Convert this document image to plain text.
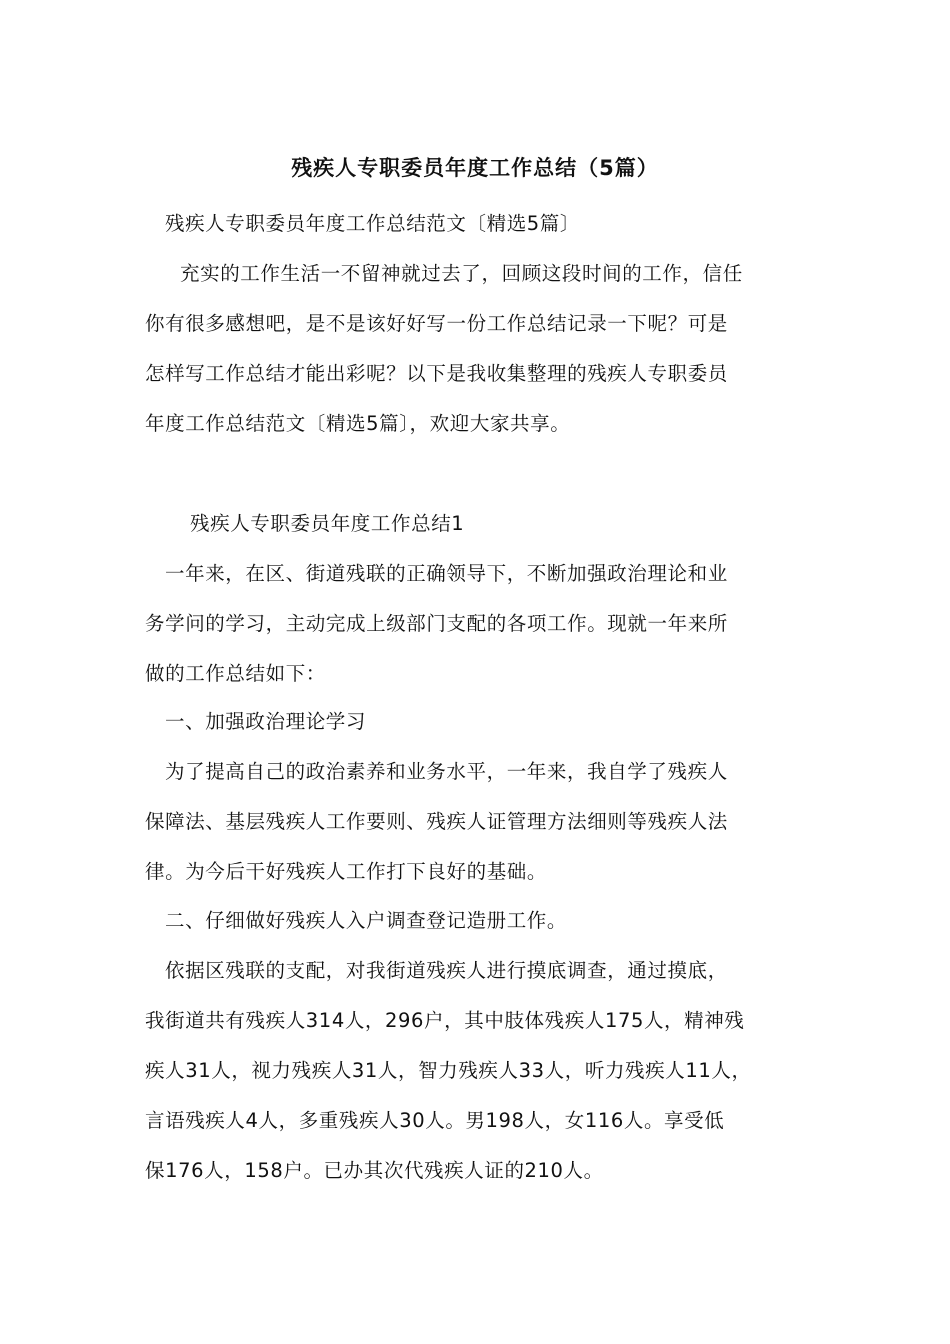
残疾人专职委员年度工作总结（5篇）
残疾人专职委员年度工作总结范文〔精选5篇〕
充实的工作生活一不留神就过去了，回顾这段时间的工作，信任
你有很多感想吧，是不是该好好写一份工作总结记录一下呢？可是
怎样写工作总结才能出彩呢？以下是我收集整理的残疾人专职委员
年度工作总结范文〔精选5篇〕，欢迎大家共享。
残疾人专职委员年度工作总结1
一年来，在区、街道残联的正确领导下，不断加强政治理论和业
务学问的学习，主动完成上级部门支配的各项工作。现就一年来所
做的工作总结如下：
一、加强政治理论学习
为了提高自己的政治素养和业务水平，一年来，我自学了残疾人
保障法、基层残疾人工作要则、残疾人证管理方法细则等残疾人法
律。为今后干好残疾人工作打下良好的基础。
二、仔细做好残疾人入户调查登记造册工作。
依据区残联的支配，对我街道残疾人进行摸底调查，通过摸底，
我街道共有残疾人314人，296户，其中肢体残疾人175人，精神残
疾人31人，视力残疾人31人，智力残疾人33人，听力残疾人11人，
言语残疾人4人，多重残疾人30人。男198人，女116人。享受低
保176人，158户。已办其次代残疾人证的210人。
